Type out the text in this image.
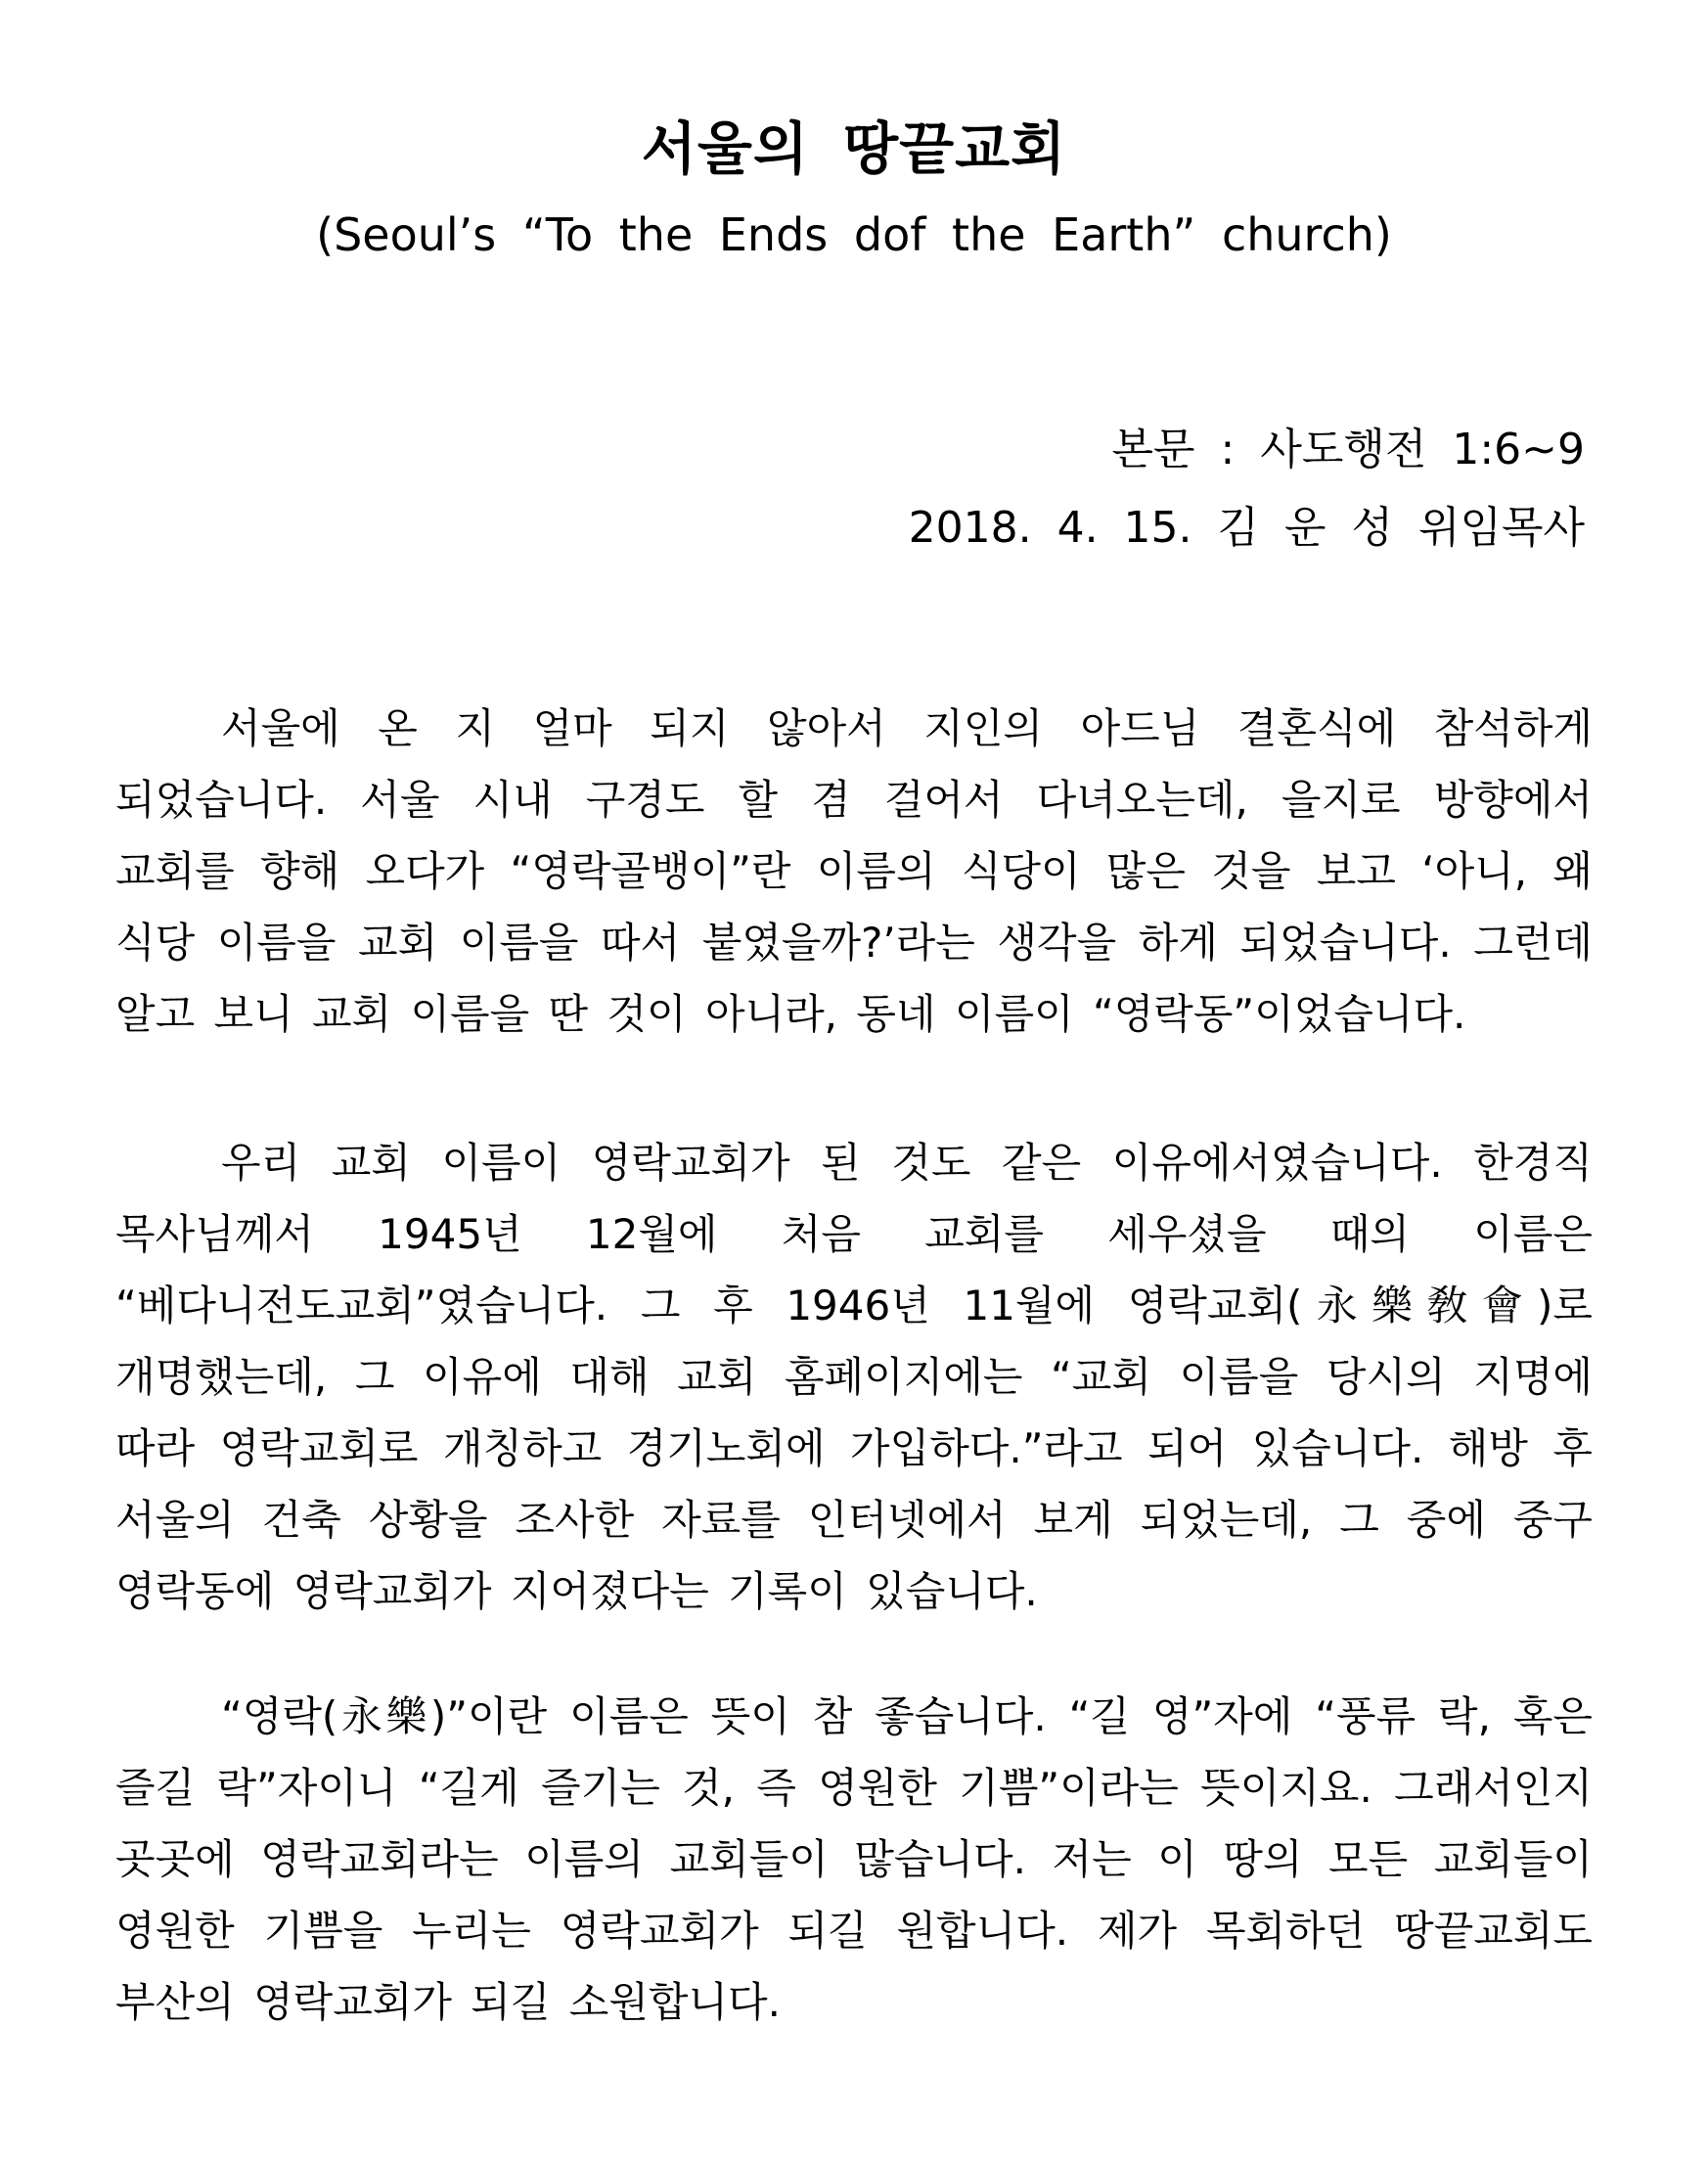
서울의 땅끝교회
(Seoul’s “To the Ends dof the Earth” church)
본문 : 사도행전 1:6~9
2018. 4. 15. 김 운 성 위임목사

서울에 온 지 얼마 되지 않아서 지인의 아드님 결혼식에 참석하게 되었습니다. 서울 시내 구경도 할 겸 걸어서 다녀오는데, 을지로 방향에서 교회를 향해 오다가 “영락골뱅이”란 이름의 식당이 많은 것을 보고 ‘아니, 왜 식당 이름을 교회 이름을 따서 붙였을까?’라는 생각을 하게 되었습니다. 그런데 알고 보니 교회 이름을 딴 것이 아니라, 동네 이름이 “영락동”이었습니다.

우리 교회 이름이 영락교회가 된 것도 같은 이유에서였습니다. 한경직 목사님께서 1945년 12월에 처음 교회를 세우셨을 때의 이름은 “베다니전도교회”였습니다. 그 후 1946년 11월에 영락교회(永樂敎會)로 개명했는데, 그 이유에 대해 교회 홈페이지에는 “교회 이름을 당시의 지명에 따라 영락교회로 개칭하고 경기노회에 가입하다.”라고 되어 있습니다. 해방 후 서울의 건축 상황을 조사한 자료를 인터넷에서 보게 되었는데, 그 중에 중구 영락동에 영락교회가 지어졌다는 기록이 있습니다.

“영락(永樂)”이란 이름은 뜻이 참 좋습니다. “길 영”자에 “풍류 락, 혹은 즐길 락”자이니 “길게 즐기는 것, 즉 영원한 기쁨”이라는 뜻이지요. 그래서인지 곳곳에 영락교회라는 이름의 교회들이 많습니다. 저는 이 땅의 모든 교회들이 영원한 기쁨을 누리는 영락교회가 되길 원합니다. 제가 목회하던 땅끝교회도 부산의 영락교회가 되길 소원합니다.
